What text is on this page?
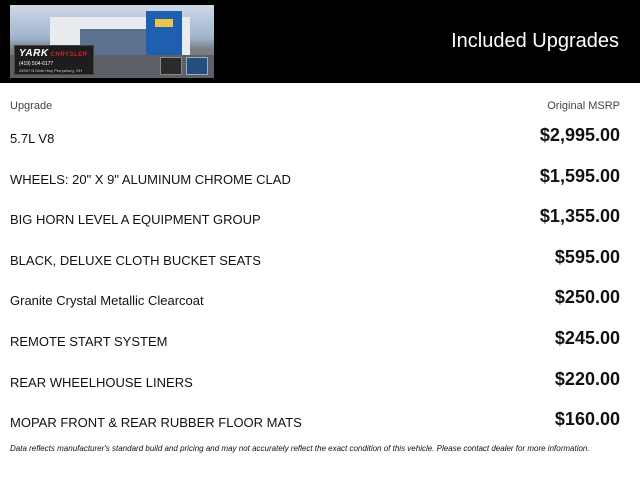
YARK CHRYSLER
(419) 504-6177
26997 N Dixie Hwy Perrysburg, OH
Included Upgrades
Upgrade	Original MSRP
5.7L V8	$2,995.00
WHEELS: 20" X 9" ALUMINUM CHROME CLAD	$1,595.00
BIG HORN LEVEL A EQUIPMENT GROUP	$1,355.00
BLACK, DELUXE CLOTH BUCKET SEATS	$595.00
Granite Crystal Metallic Clearcoat	$250.00
REMOTE START SYSTEM	$245.00
REAR WHEELHOUSE LINERS	$220.00
MOPAR FRONT & REAR RUBBER FLOOR MATS	$160.00
Data reflects manufacturer's standard build and pricing and may not accurately reflect the exact condition of this vehicle. Please contact dealer for more information.
